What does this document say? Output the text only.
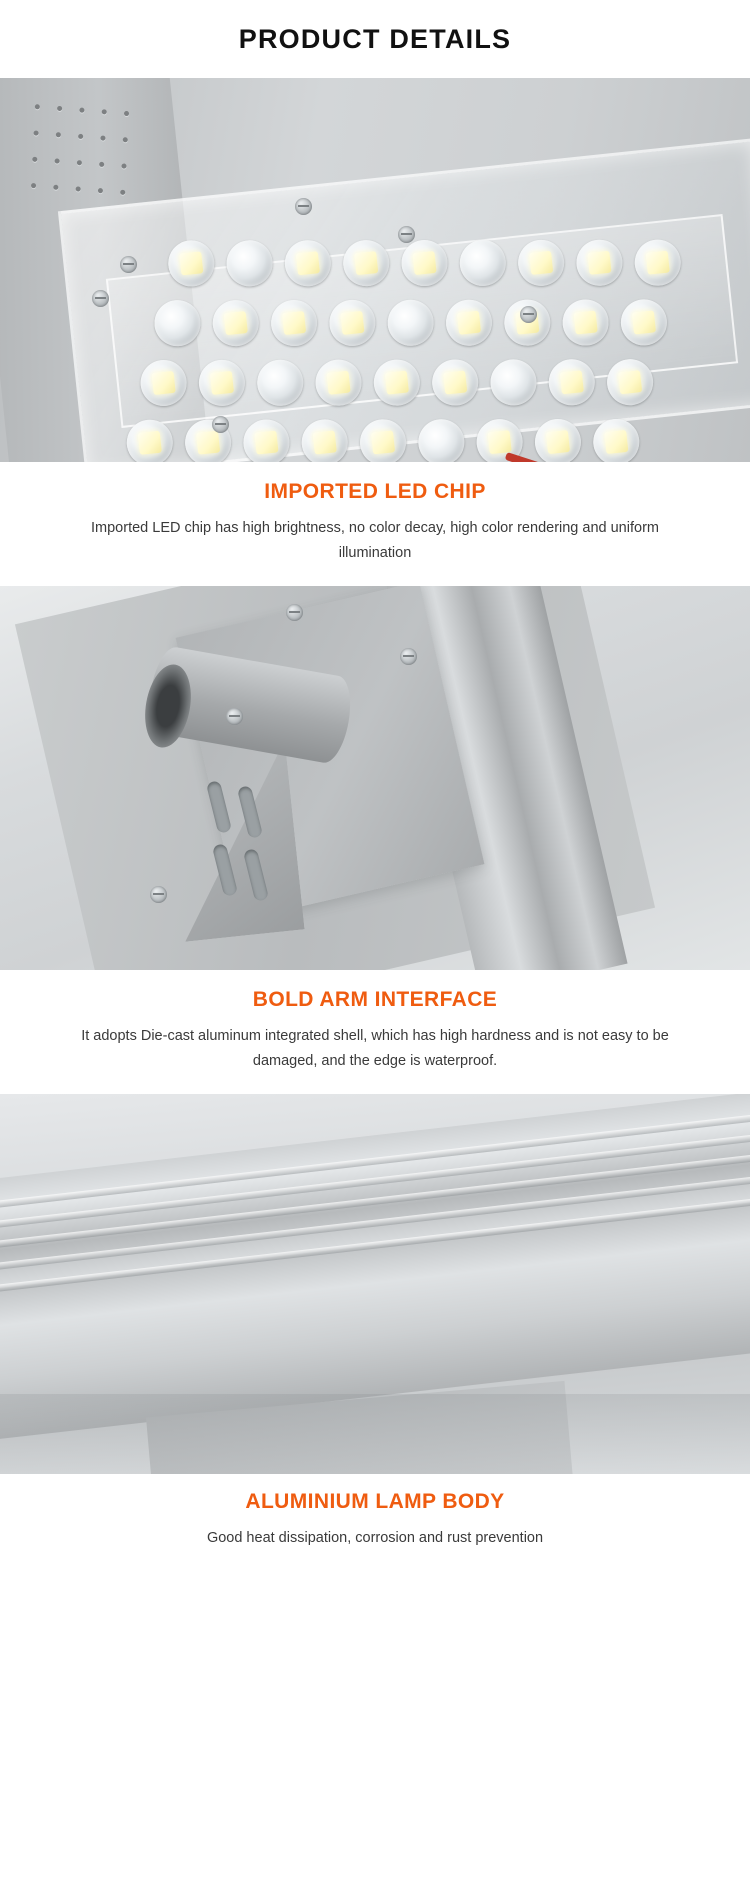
PRODUCT DETAILS
IMPORTED LED CHIP
Imported LED chip has high brightness, no color decay, high color rendering and uniform illumination
BOLD ARM INTERFACE
It adopts Die-cast aluminum integrated shell, which has high hardness and is not easy to be damaged, and the edge is waterproof.
ALUMINIUM LAMP BODY
Good heat dissipation, corrosion and rust prevention
